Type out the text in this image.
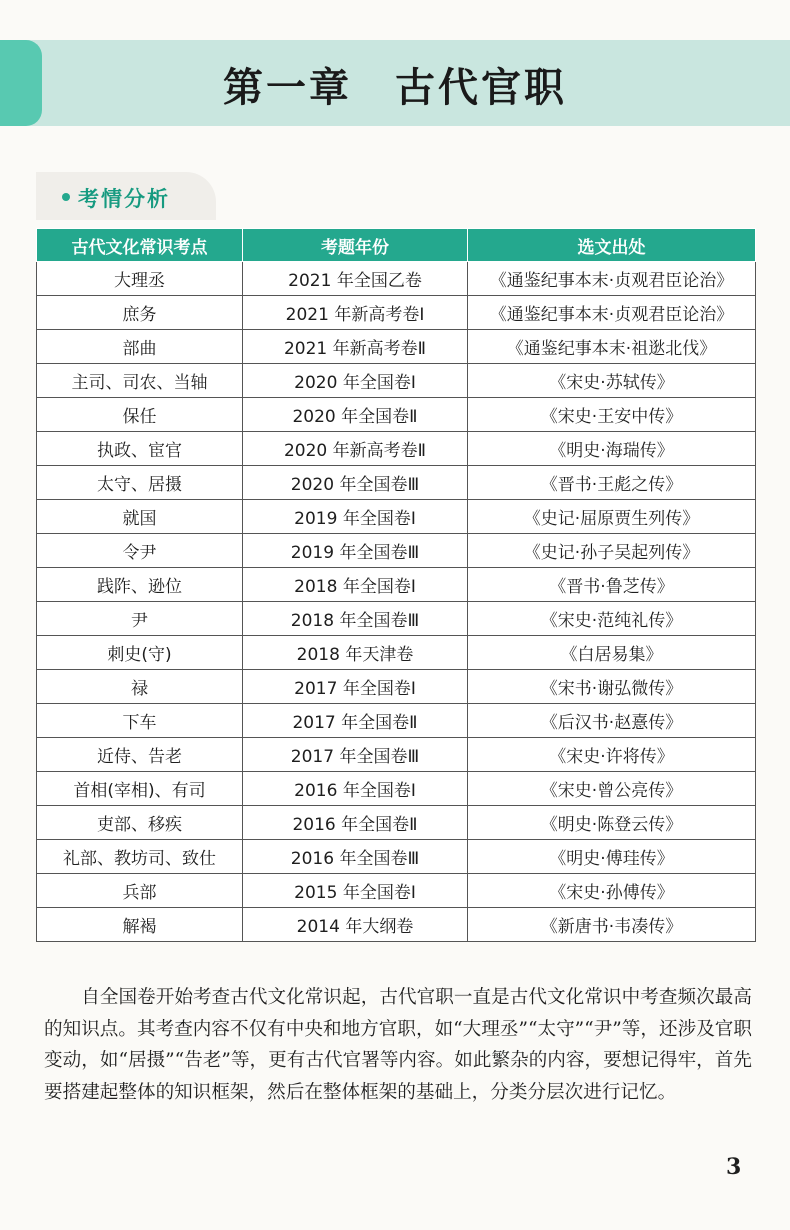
第一章　古代官职
考情分析
古代文化常识考点	考题年份	选文出处
大理丞	2021 年全国乙卷	《通鉴纪事本末·贞观君臣论治》
庶务	2021 年新高考卷Ⅰ	《通鉴纪事本末·贞观君臣论治》
部曲	2021 年新高考卷Ⅱ	《通鉴纪事本末·祖逖北伐》
主司、司农、当轴	2020 年全国卷Ⅰ	《宋史·苏轼传》
保任	2020 年全国卷Ⅱ	《宋史·王安中传》
执政、宦官	2020 年新高考卷Ⅱ	《明史·海瑞传》
太守、居摄	2020 年全国卷Ⅲ	《晋书·王彪之传》
就国	2019 年全国卷Ⅰ	《史记·屈原贾生列传》
令尹	2019 年全国卷Ⅲ	《史记·孙子吴起列传》
践阼、逊位	2018 年全国卷Ⅰ	《晋书·鲁芝传》
尹	2018 年全国卷Ⅲ	《宋史·范纯礼传》
刺史(守)	2018 年天津卷	《白居易集》
禄	2017 年全国卷Ⅰ	《宋书·谢弘微传》
下车	2017 年全国卷Ⅱ	《后汉书·赵憙传》
近侍、告老	2017 年全国卷Ⅲ	《宋史·许将传》
首相(宰相)、有司	2016 年全国卷Ⅰ	《宋史·曾公亮传》
吏部、移疾	2016 年全国卷Ⅱ	《明史·陈登云传》
礼部、教坊司、致仕	2016 年全国卷Ⅲ	《明史·傅珪传》
兵部	2015 年全国卷Ⅰ	《宋史·孙傅传》
解褐	2014 年大纲卷	《新唐书·韦凑传》

自全国卷开始考查古代文化常识起，古代官职一直是古代文化常识中考查频次最高的知识点。其考查内容不仅有中央和地方官职，如“大理丞”“太守”“尹”等，还涉及官职变动，如“居摄”“告老”等，更有古代官署等内容。如此繁杂的内容，要想记得牢，首先要搭建起整体的知识框架，然后在整体框架的基础上，分类分层次进行记忆。

3
